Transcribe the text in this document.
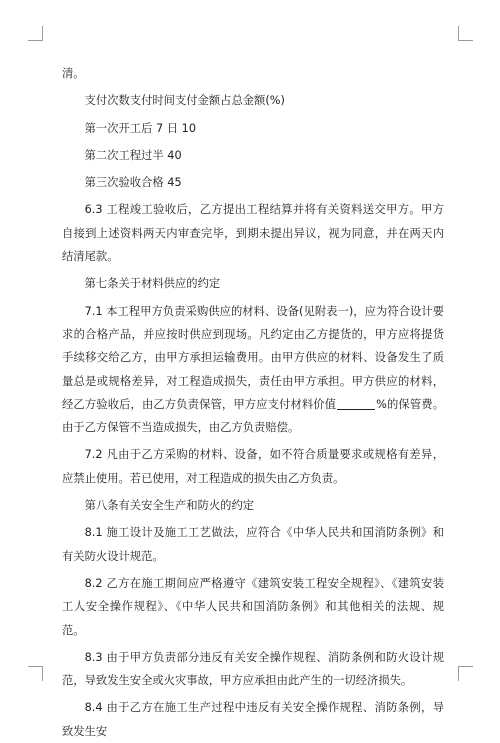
清。

支付次数支付时间支付金额占总金额(%)

第一次开工后 7 日 10

第二次工程过半 40

第三次验收合格 45

6.3 工程竣工验收后，乙方提出工程结算并将有关资料送交甲方。甲方自接到上述资料两天内审查完毕，到期未提出异议，视为同意，并在两天内结清尾款。

第七条关于材料供应的约定

7.1 本工程甲方负责采购供应的材料、设备(见附表一)，应为符合设计要求的合格产品，并应按时供应到现场。凡约定由乙方提货的，甲方应将提货手续移交给乙方，由甲方承担运输费用。由甲方供应的材料、设备发生了质量总是或规格差异，对工程造成损失，责任由甲方承担。甲方供应的材料，经乙方验收后，由乙方负责保管，甲方应支付材料价值	%的保管费。由于乙方保管不当造成损失，由乙方负责赔偿。

7.2 凡由于乙方采购的材料、设备，如不符合质量要求或规格有差异，应禁止使用。若已使用，对工程造成的损失由乙方负责。

第八条有关安全生产和防火的约定

8.1 施工设计及施工工艺做法，应符合《中华人民共和国消防条例》和有关防火设计规范。

8.2 乙方在施工期间应严格遵守《建筑安装工程安全规程》、《建筑安装工人安全操作规程》、《中华人民共和国消防条例》和其他相关的法规、规范。

8.3 由于甲方负责部分违反有关安全操作规程、消防条例和防火设计规范，导致发生安全或火灾事故，甲方应承担由此产生的一切经济损失。

8.4 由于乙方在施工生产过程中违反有关安全操作规程、消防条例，导致发生安
